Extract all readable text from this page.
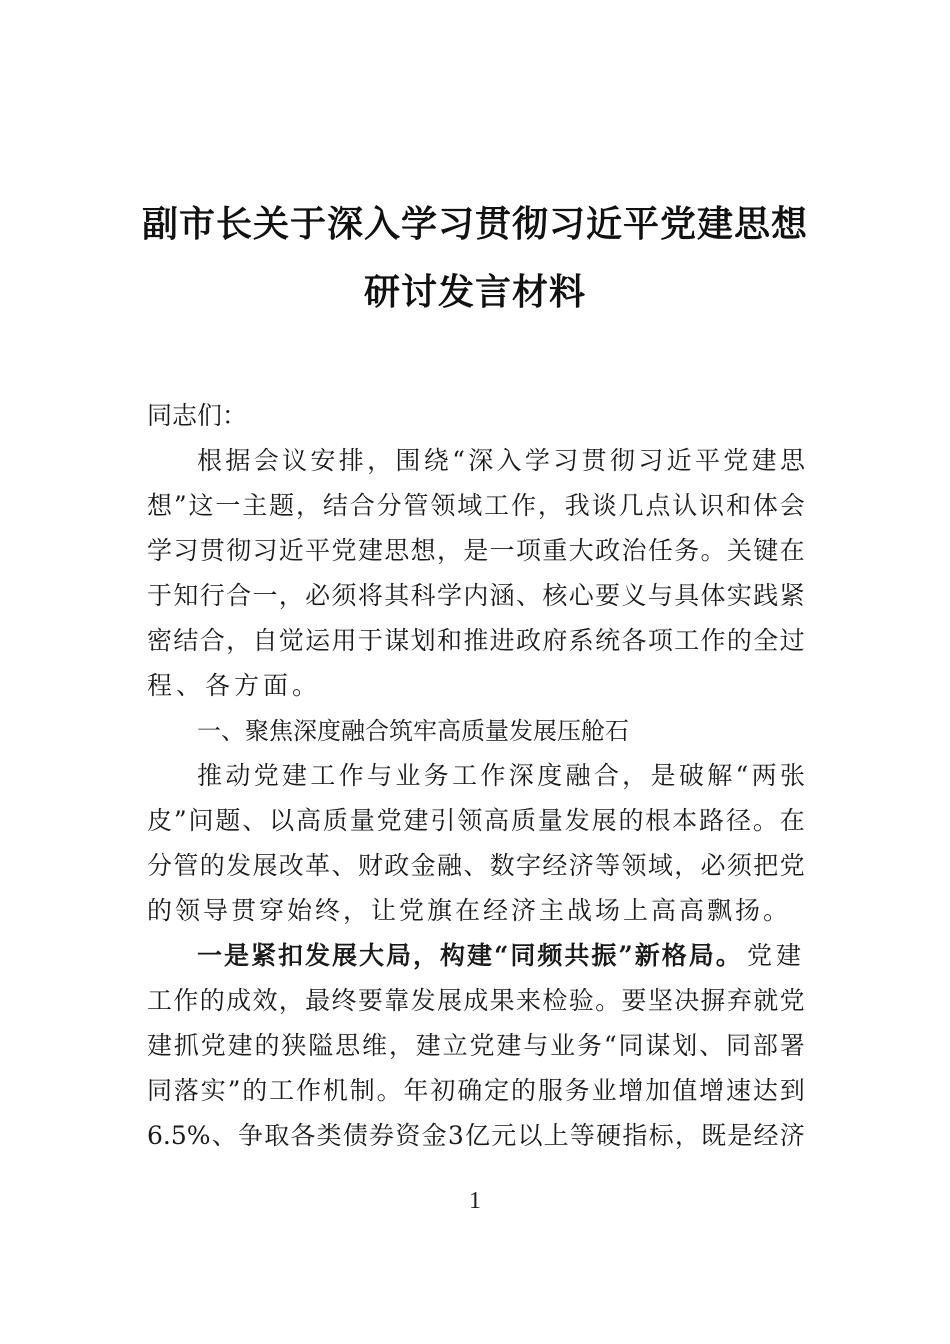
副市长关于深入学习贯彻习近平党建思想
研讨发言材料
同志们：
根 据 会 议 安 排 ， 围 绕 “ 深 入 学 习 贯 彻 习 近 平 党 建 思
想 ” 这 一 主 题 ， 结 合 分 管 领 域 工 作 ， 我 谈 几 点 认 识 和 体 会
学 习 贯 彻 习 近 平 党 建 思 想 ， 是 一 项 重 大 政 治 任 务 。 关 键 在
于 知 行 合 一 ， 必 须 将 其 科 学 内 涵 、 核 心 要 义 与 具 体 实 践 紧
密 结 合 ， 自 觉 运 用 于 谋 划 和 推 进 政 府 系 统 各 项 工 作 的 全 过
程、各方面。
一、聚焦深度融合筑牢高质量发展压舱石
推 动 党 建 工 作 与 业 务 工 作 深 度 融 合 ， 是 破 解 “ 两 张
皮 ” 问 题 、 以 高 质 量 党 建 引 领 高 质 量 发 展 的 根 本 路 径 。 在
分 管 的 发 展 改 革 、 财 政 金 融 、 数 字 经 济 等 领 域 ， 必 须 把 党
的领导贯穿始终，让党旗在经济主战场上高高飘扬。
一是紧扣发展大局，构建“同频共振”新格局。 党建
工 作 的 成 效 ， 最 终 要 靠 发 展 成 果 来 检 验 。 要 坚 决 摒 弃 就 党
建 抓 党 建 的 狭 隘 思 维 ， 建 立 党 建 与 业 务 “ 同 谋 划 、 同 部 署
同 落 实 ” 的 工 作 机 制 。 年 初 确 定 的 服 务 业 增 加 值 增 速 达 到
6.5% 、 争 取 各 类 债 券 资 金 3 亿 元 以 上 等 硬 指 标 ， 既 是 经 济
1
